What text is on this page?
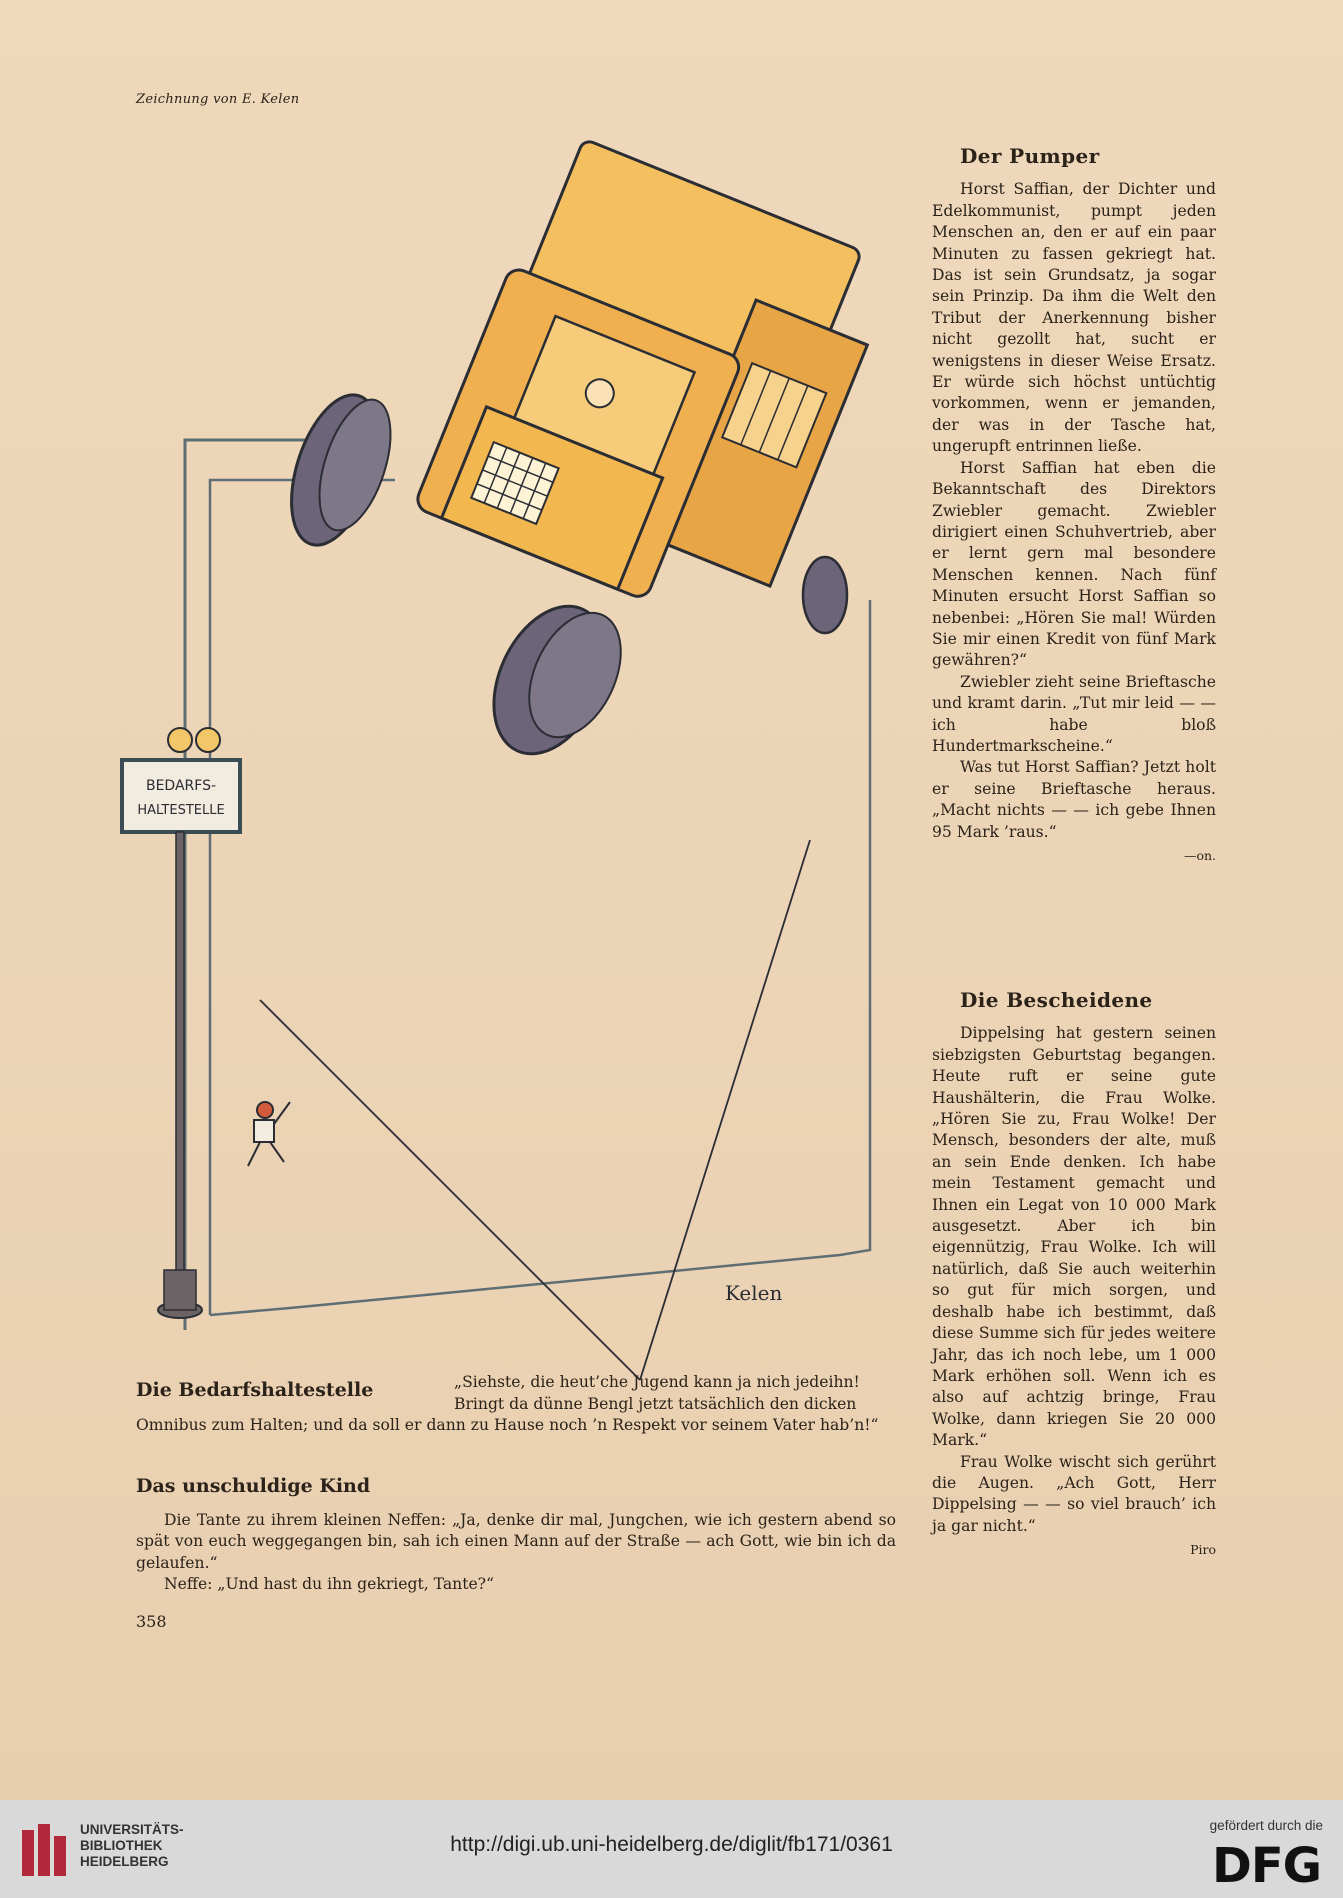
Zeichnung von E. Kelen
BEDARFS-
HALTESTELLE
Kelen
Der Pumper

Horst Saffian, der Dichter und Edelkommunist, pumpt jeden Menschen an, den er auf ein paar Minuten zu fassen gekriegt hat. Das ist sein Grundsatz, ja sogar sein Prinzip. Da ihm die Welt den Tribut der Anerkennung bisher nicht gezollt hat, sucht er wenigstens in dieser Weise Ersatz. Er würde sich höchst untüchtig vorkommen, wenn er jemanden, der was in der Tasche hat, ungerupft entrinnen ließe.

Horst Saffian hat eben die Bekanntschaft des Direktors Zwiebler gemacht. Zwiebler dirigiert einen Schuhvertrieb, aber er lernt gern mal besondere Menschen kennen. Nach fünf Minuten ersucht Horst Saffian so nebenbei: „Hören Sie mal! Würden Sie mir einen Kredit von fünf Mark gewähren?“

Zwiebler zieht seine Brieftasche und kramt darin. „Tut mir leid — — ich habe bloß Hundertmarkscheine.“

Was tut Horst Saffian? Jetzt holt er seine Brieftasche heraus. „Macht nichts — — ich gebe Ihnen 95 Mark ’raus.“

—on.
Die Bescheidene

Dippelsing hat gestern seinen siebzigsten Geburtstag begangen. Heute ruft er seine gute Haushälterin, die Frau Wolke. „Hören Sie zu, Frau Wolke! Der Mensch, besonders der alte, muß an sein Ende denken. Ich habe mein Testament gemacht und Ihnen ein Legat von 10 000 Mark ausgesetzt. Aber ich bin eigennützig, Frau Wolke. Ich will natürlich, daß Sie auch weiterhin so gut für mich sorgen, und deshalb habe ich bestimmt, daß diese Summe sich für jedes weitere Jahr, das ich noch lebe, um 1 000 Mark erhöhen soll. Wenn ich es also auf achtzig bringe, Frau Wolke, dann kriegen Sie 20 000 Mark.“

Frau Wolke wischt sich gerührt die Augen. „Ach Gott, Herr Dippelsing — — so viel brauch’ ich ja gar nicht.“

Piro
Die Bedarfshaltestelle	„Siehste, die heut’che Jugend kann ja nich jedeihn! Bringt da dünne Bengl jetzt tatsächlich den dicken

Omnibus zum Halten; und da soll er dann zu Hause noch ’n Respekt vor seinem Vater hab’n!“

Das unschuldige Kind

Die Tante zu ihrem kleinen Neffen: „Ja, denke dir mal, Jungchen, wie ich gestern abend so spät von euch weggegangen bin, sah ich einen Mann auf der Straße — ach Gott, wie bin ich da gelaufen.“

Neffe: „Und hast du ihn gekriegt, Tante?“

358
UNIVERSITÄTS-
BIBLIOTHEK
HEIDELBERG
http://digi.ub.uni-heidelberg.de/diglit/fb171/0361
gefördert durch die
DFG
